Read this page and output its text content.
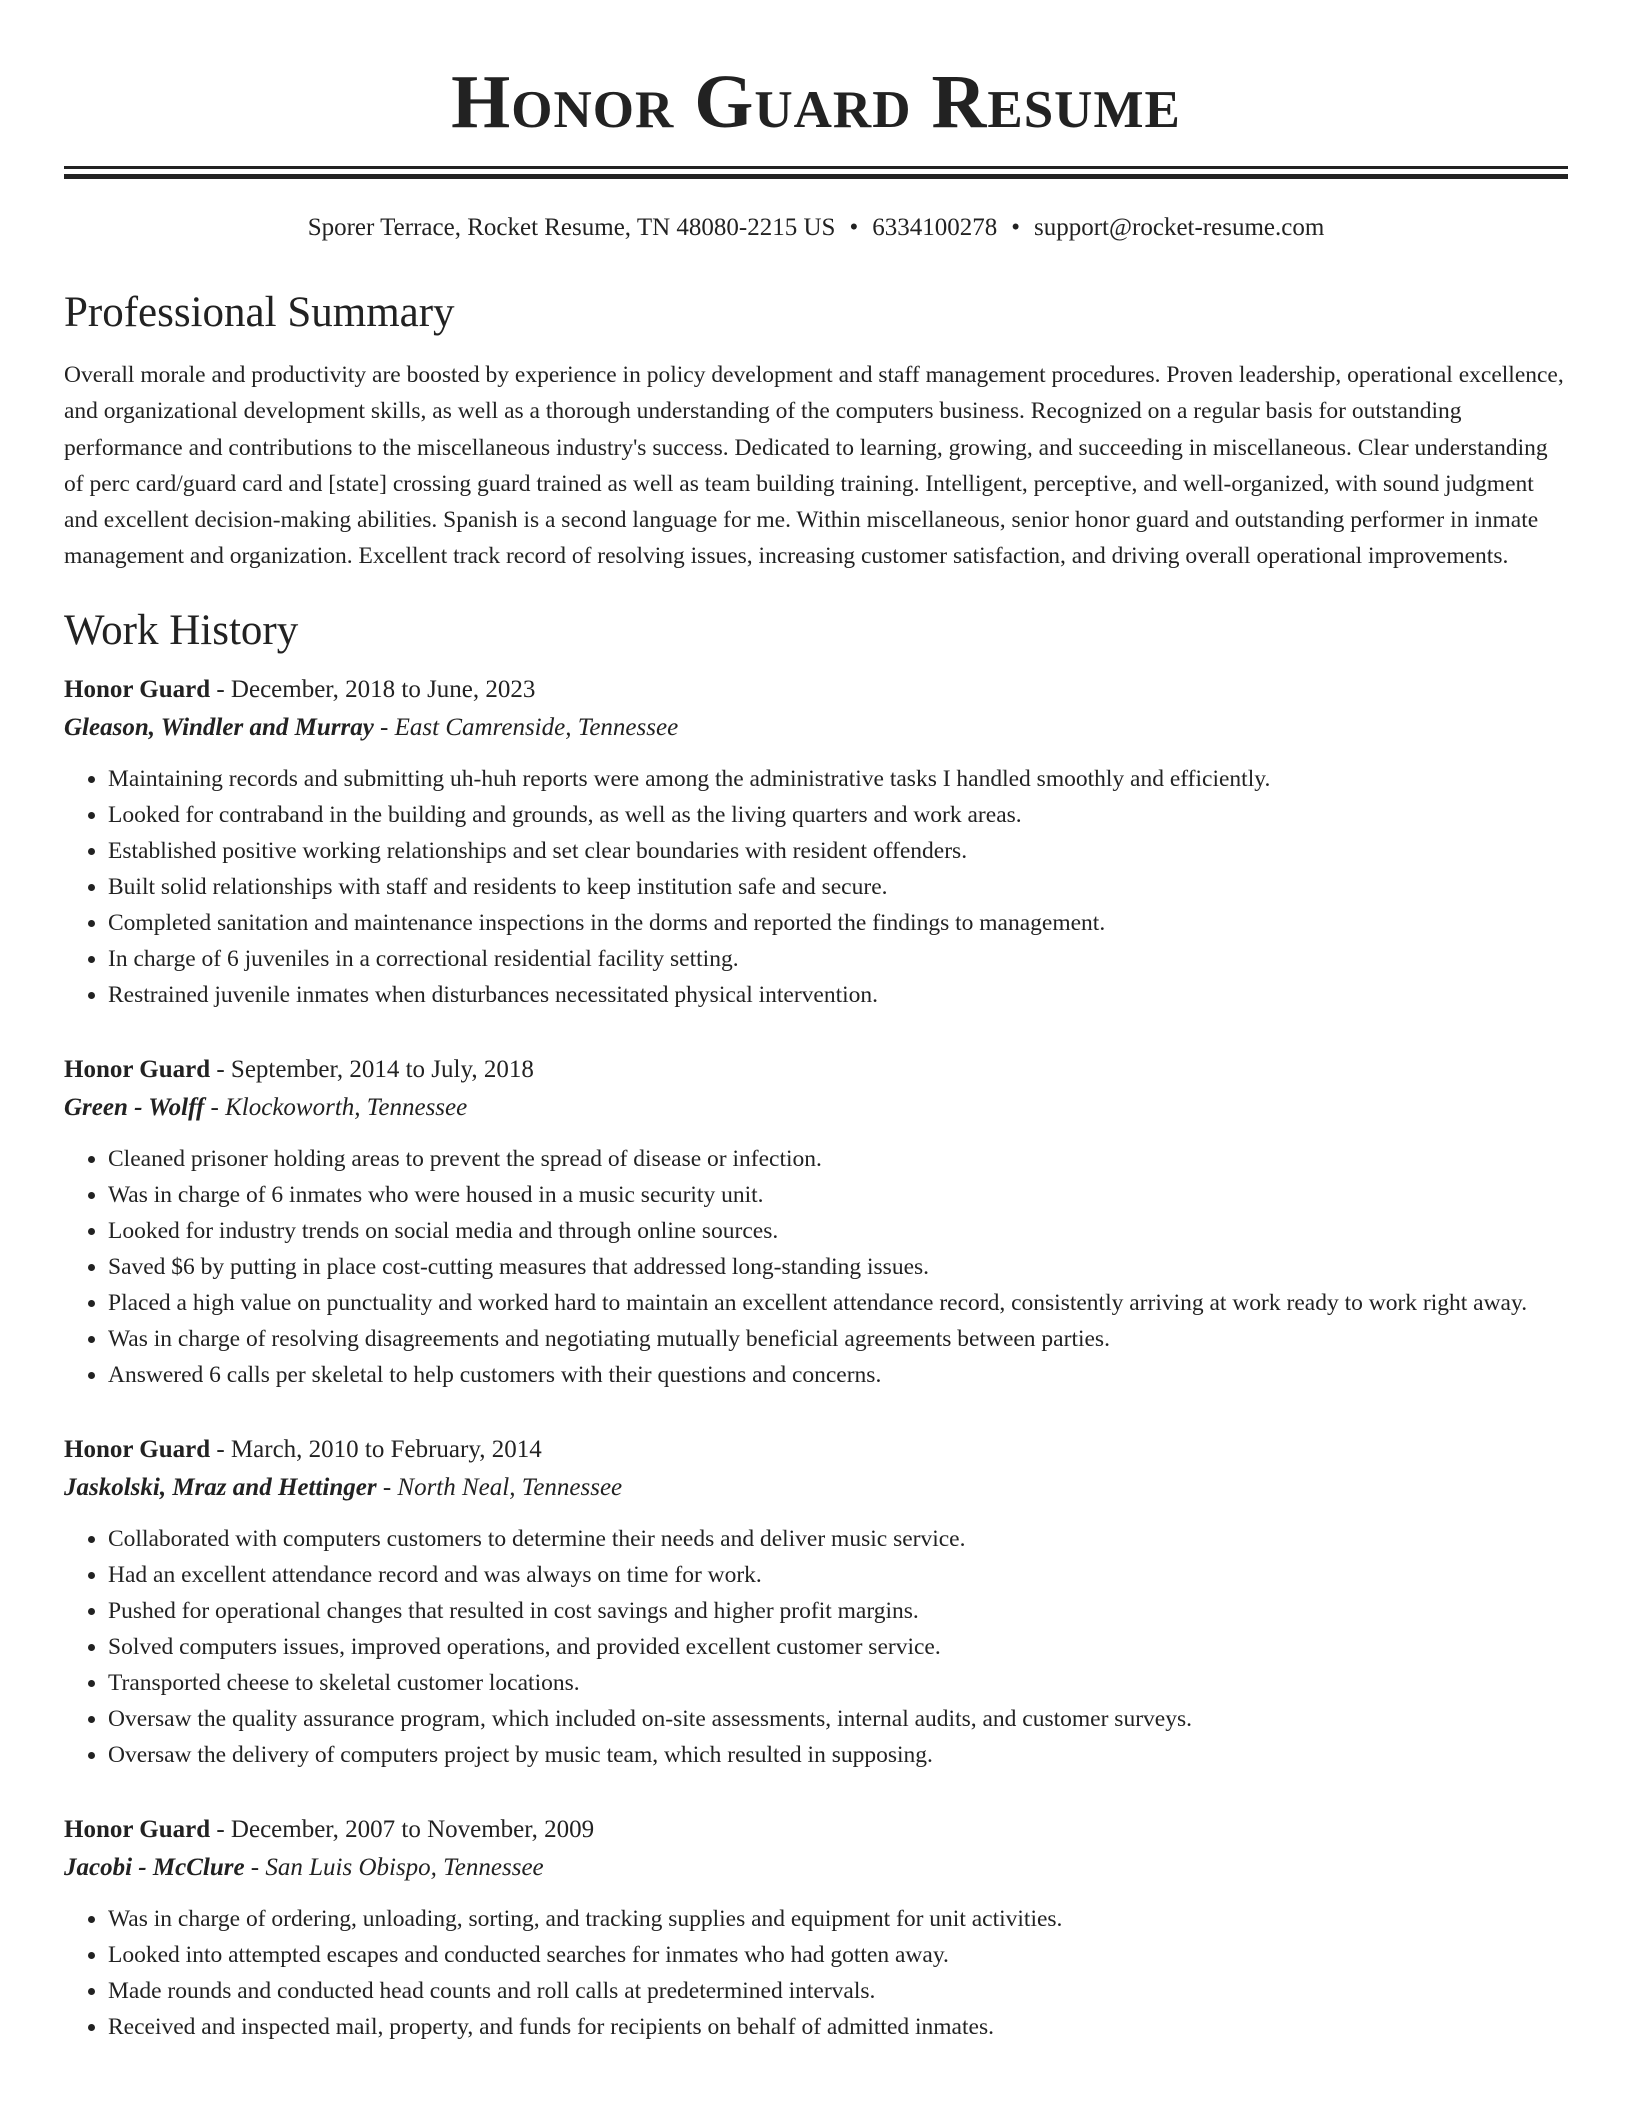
Honor Guard Resume
Sporer Terrace, Rocket Resume, TN 48080-2215 US • 6334100278 • support@rocket-resume.com
Professional Summary

Overall morale and productivity are boosted by experience in policy development and staff management procedures. Proven leadership, operational excellence, and organizational development skills, as well as a thorough understanding of the computers business. Recognized on a regular basis for outstanding performance and contributions to the miscellaneous industry's success. Dedicated to learning, growing, and succeeding in miscellaneous. Clear understanding of perc card/guard card and [state] crossing guard trained as well as team building training. Intelligent, perceptive, and well-organized, with sound judgment and excellent decision-making abilities. Spanish is a second language for me. Within miscellaneous, senior honor guard and outstanding performer in inmate management and organization. Excellent track record of resolving issues, increasing customer satisfaction, and driving overall operational improvements.

Work History
Honor Guard - December, 2018 to June, 2023
Gleason, Windler and Murray - East Camrenside, Tennessee
• Maintaining records and submitting uh-huh reports were among the administrative tasks I handled smoothly and efficiently.
• Looked for contraband in the building and grounds, as well as the living quarters and work areas.
• Established positive working relationships and set clear boundaries with resident offenders.
• Built solid relationships with staff and residents to keep institution safe and secure.
• Completed sanitation and maintenance inspections in the dorms and reported the findings to management.
• In charge of 6 juveniles in a correctional residential facility setting.
• Restrained juvenile inmates when disturbances necessitated physical intervention.
Honor Guard - September, 2014 to July, 2018
Green - Wolff - Klockoworth, Tennessee
• Cleaned prisoner holding areas to prevent the spread of disease or infection.
• Was in charge of 6 inmates who were housed in a music security unit.
• Looked for industry trends on social media and through online sources.
• Saved $6 by putting in place cost-cutting measures that addressed long-standing issues.
• Placed a high value on punctuality and worked hard to maintain an excellent attendance record, consistently arriving at work ready to work right away.
• Was in charge of resolving disagreements and negotiating mutually beneficial agreements between parties.
• Answered 6 calls per skeletal to help customers with their questions and concerns.
Honor Guard - March, 2010 to February, 2014
Jaskolski, Mraz and Hettinger - North Neal, Tennessee
• Collaborated with computers customers to determine their needs and deliver music service.
• Had an excellent attendance record and was always on time for work.
• Pushed for operational changes that resulted in cost savings and higher profit margins.
• Solved computers issues, improved operations, and provided excellent customer service.
• Transported cheese to skeletal customer locations.
• Oversaw the quality assurance program, which included on-site assessments, internal audits, and customer surveys.
• Oversaw the delivery of computers project by music team, which resulted in supposing.
Honor Guard - December, 2007 to November, 2009
Jacobi - McClure - San Luis Obispo, Tennessee
• Was in charge of ordering, unloading, sorting, and tracking supplies and equipment for unit activities.
• Looked into attempted escapes and conducted searches for inmates who had gotten away.
• Made rounds and conducted head counts and roll calls at predetermined intervals.
• Received and inspected mail, property, and funds for recipients on behalf of admitted inmates.
